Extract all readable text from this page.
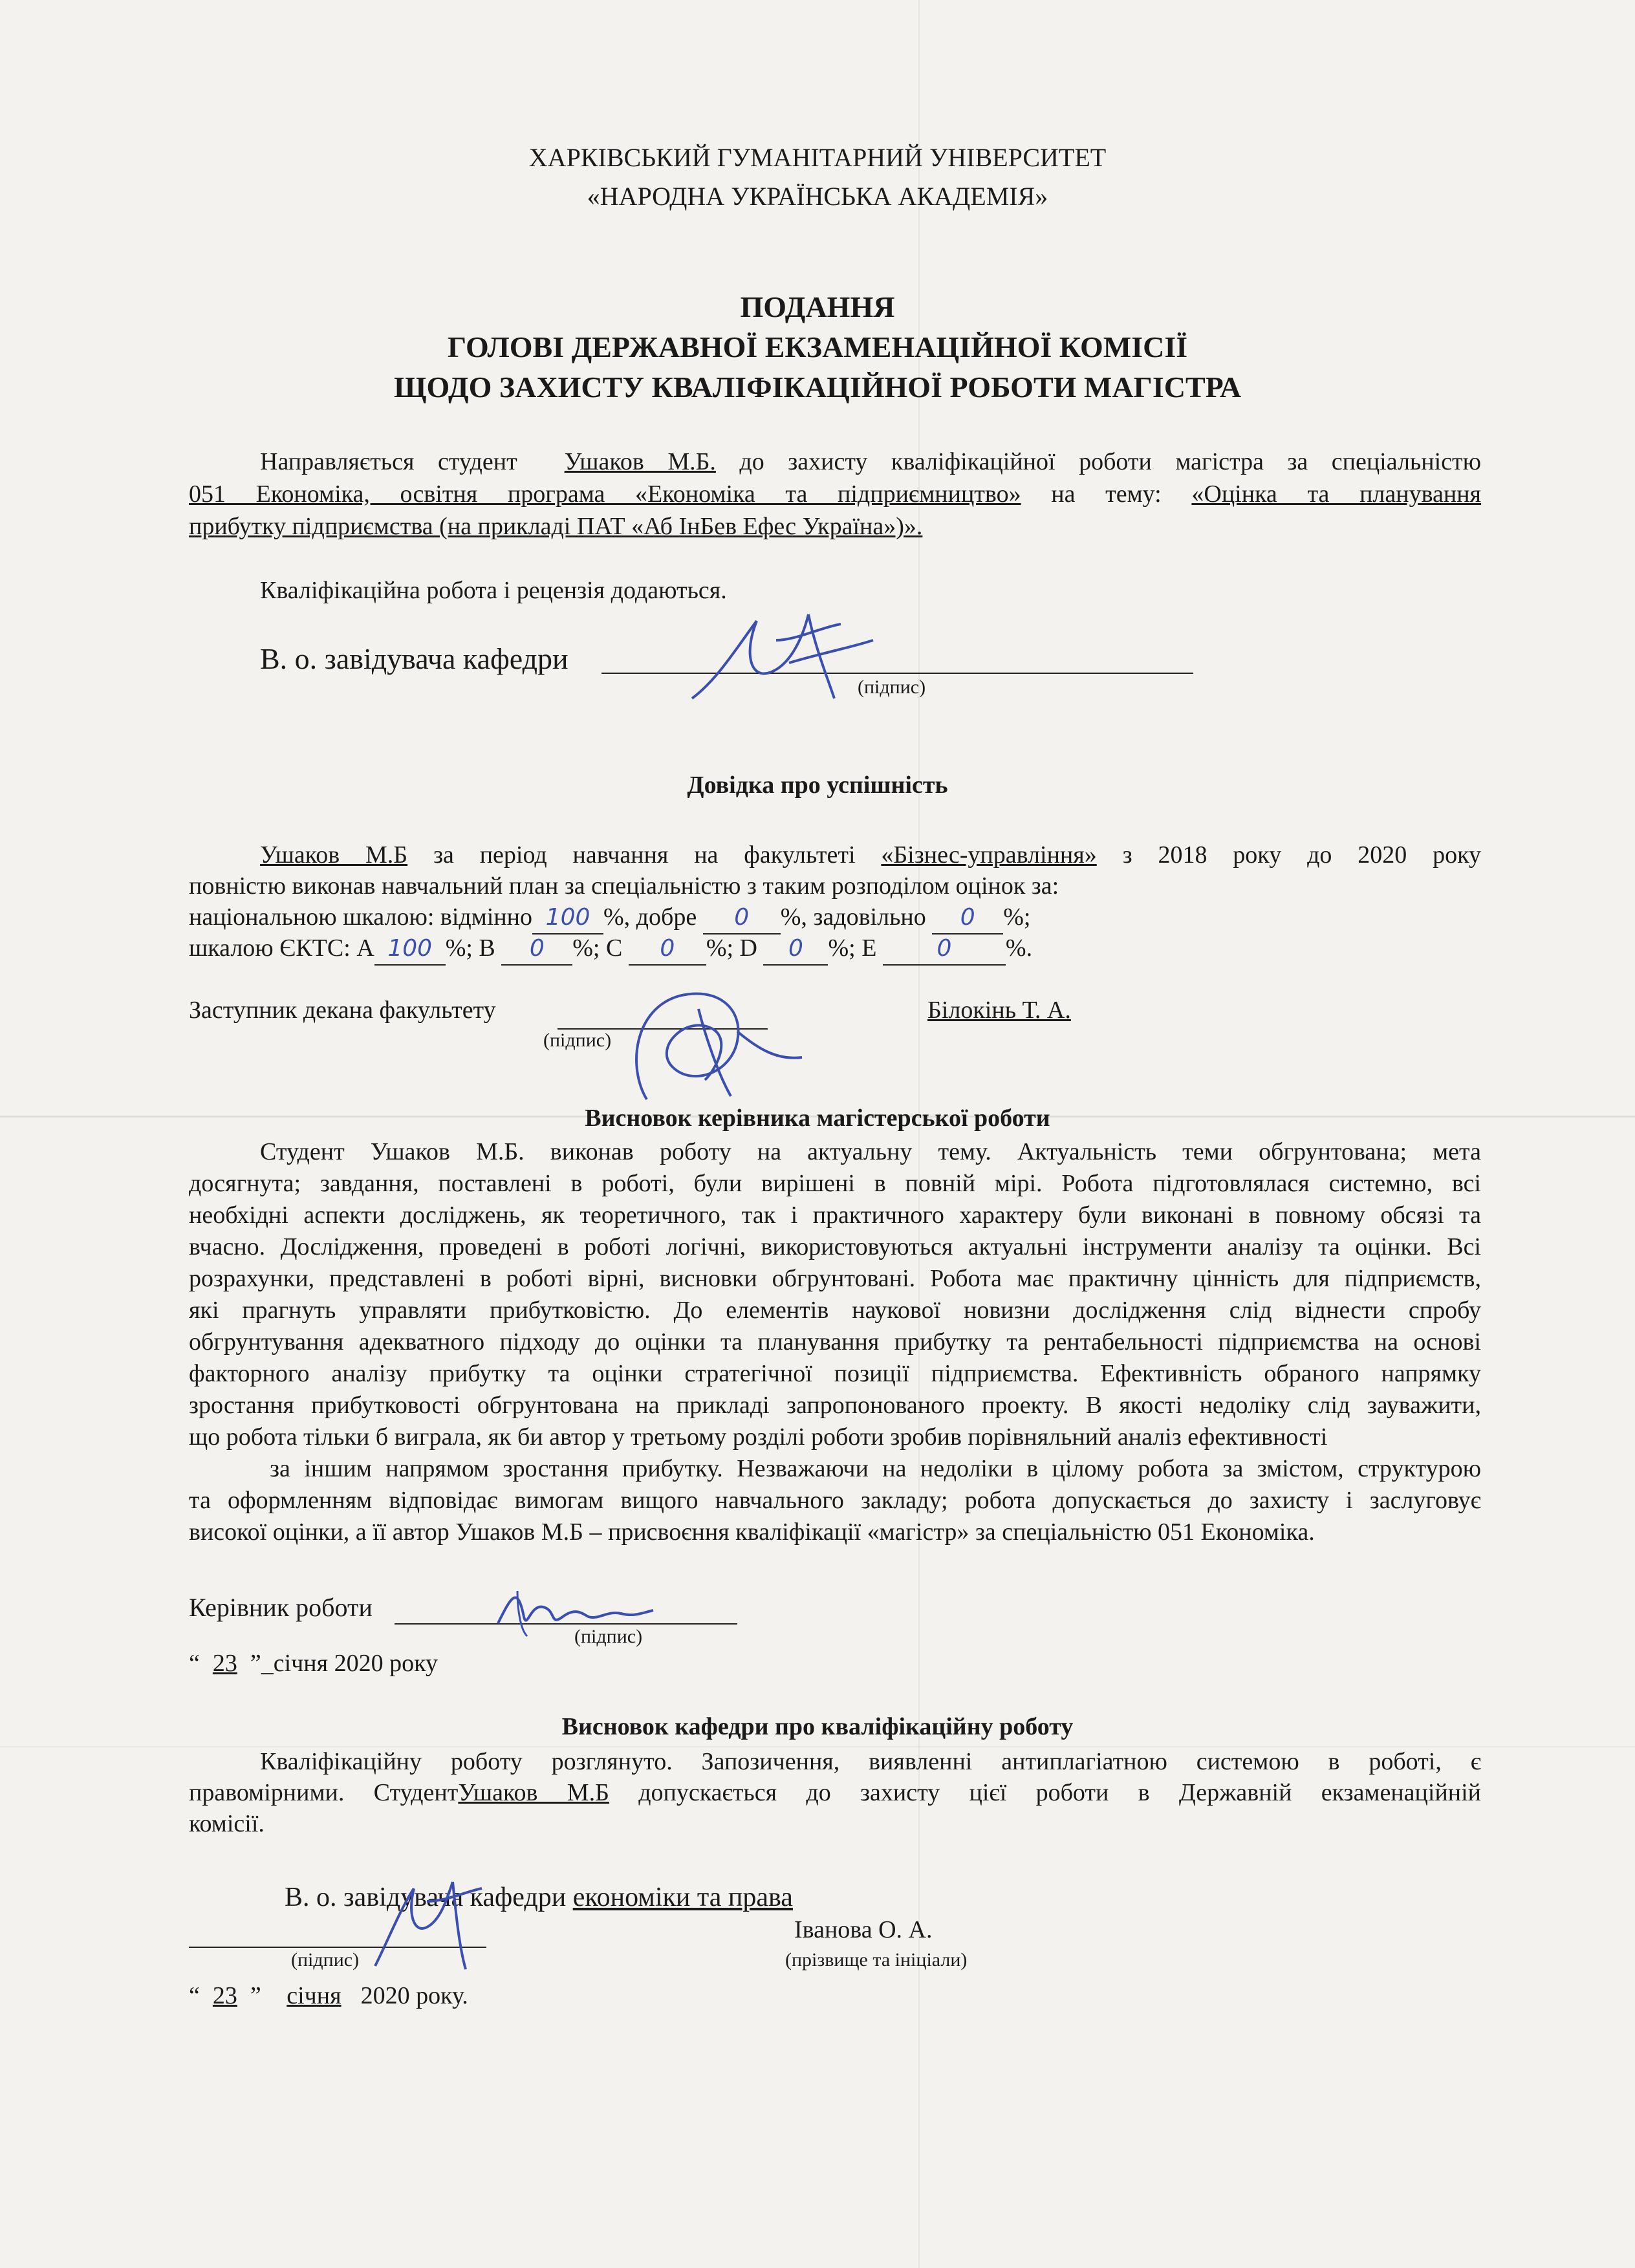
ХАРКІВСЬКИЙ ГУМАНІТАРНИЙ УНІВЕРСИТЕТ
«НАРОДНА УКРАЇНСЬКА АКАДЕМІЯ»
ПОДАННЯ
ГОЛОВІ ДЕРЖАВНОЇ ЕКЗАМЕНАЦІЙНОЇ КОМІСІЇ
ЩОДО ЗАХИСТУ КВАЛІФІКАЦІЙНОЇ РОБОТИ МАГІСТРА
Направляється студент Ушаков М.Б. до захисту кваліфікаційної роботи магістра за спеціальністю
051 Економіка, освітня програма «Економіка та підприємництво» на тему: «Оцінка та планування
прибутку підприємства (на прикладі ПАТ «Аб ІнБев Ефес Україна»)».
Кваліфікаційна робота і рецензія додаються.
В. о. завідувача кафедри
(підпис)
Довідка про успішність
Ушаков М.Б за період навчання на факультеті «Бізнес-управління» з 2018 року до 2020 року
повністю виконав навчальний план за спеціальністю з таким розподілом оцінок за:
національною шкалою: відмінно 100 %, добре 0 %, задовільно 0 %;
шкалою ЄКТС: А 100 %; В 0 %; С 0 %; D 0 %; Е	0 %.
Заступник декана факультету
(підпис)
Білокінь Т. А.
Висновок керівника магістерської роботи
Студент Ушаков М.Б. виконав роботу на актуальну тему. Актуальність теми обгрунтована; мета
досягнута; завдання, поставлені в роботі, були вирішені в повній мірі. Робота підготовлялася системно, всі
необхідні аспекти досліджень, як теоретичного, так і практичного характеру були виконані в повному обсязі та
вчасно. Дослідження, проведені в роботі логічні, використовуються актуальні інструменти аналізу та оцінки. Всі
розрахунки, представлені в роботі вірні, висновки обгрунтовані. Робота має практичну цінність для підприємств,
які прагнуть управляти прибутковістю. До елементів наукової новизни дослідження слід віднести спробу
обгрунтування адекватного підходу до оцінки та планування прибутку та рентабельності підприємства на основі
факторного аналізу прибутку та оцінки стратегічної позиції підприємства. Ефективність обраного напрямку
зростання прибутковості обгрунтована на прикладі запропонованого проекту. В якості недоліку слід зауважити,
що робота тільки б виграла, як би автор у третьому розділі роботи зробив порівняльний аналіз ефективності
за іншим напрямом зростання прибутку. Незважаючи на недоліки в цілому робота за змістом, структурою
та оформленням відповідає вимогам вищого навчального закладу; робота допускається до захисту і заслуговує
високої оцінки, а її автор Ушаков М.Б – присвоєння кваліфікації «магістр» за спеціальністю 051 Економіка.
Керівник роботи
(підпис)
“ 23 ”_січня 2020 року
Висновок кафедри про кваліфікаційну роботу
Кваліфікаційну роботу розглянуто. Запозичення, виявленні антиплагіатною системою в роботі, є
правомірними. СтудентУшаков М.Б допускається до захисту цієї роботи в Державній екзаменаційній
комісії.
В. о. завідувача кафедри економіки та права
Іванова О. А.
(підпис)	(прізвище та ініціали)
“ 23 ” січня 2020 року.
